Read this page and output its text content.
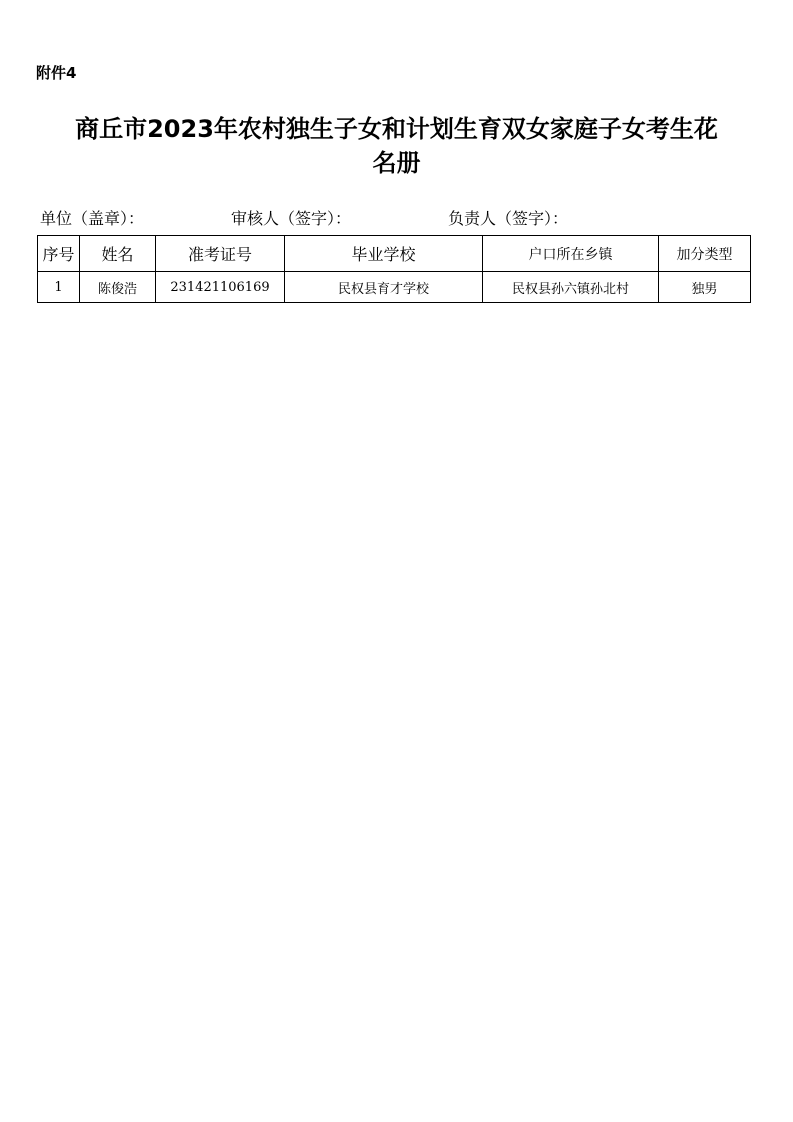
附件4
商丘市2023年农村独生子女和计划生育双女家庭子女考生花
名册
单位（盖章）：	审核人（签字）：	负责人（签字）：
序号	姓名	准考证号	毕业学校	户口所在乡镇	加分类型
1	陈俊浩	231421106169	民权县育才学校	民权县孙六镇孙北村	独男
